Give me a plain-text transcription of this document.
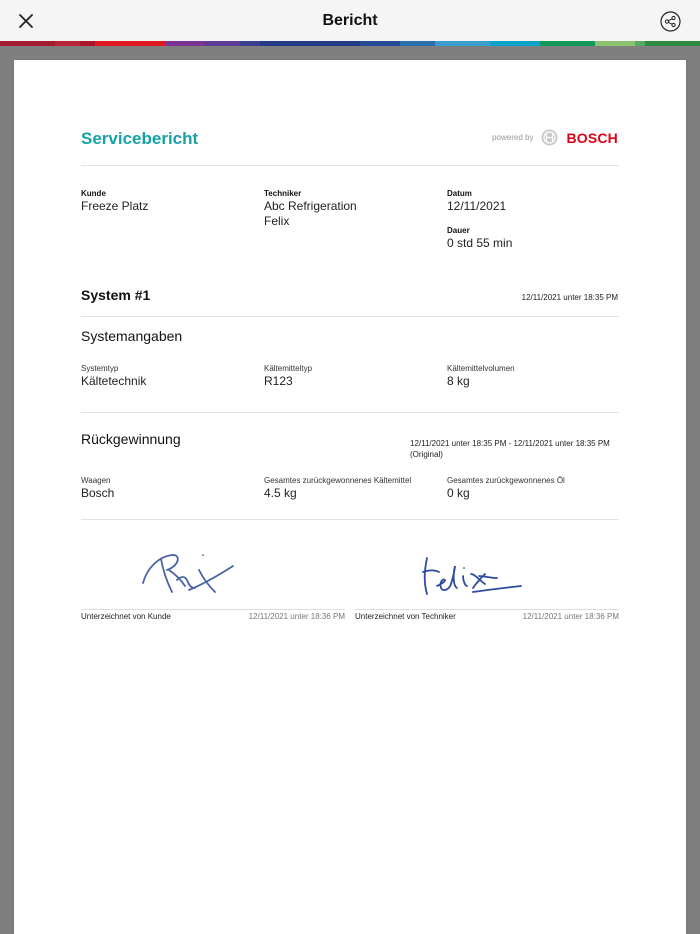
Bericht
Servicebericht	powered by BOSCH
Kunde
Freeze Platz
Techniker
Abc Refrigeration
Felix
Datum
12/11/2021
Dauer
0 std 55 min
System #1	12/11/2021 unter 18:35 PM
Systemangaben
Systemtyp
Kältetechnik
Kältemitteltyp
R123
Kältemittelvolumen
8 kg
Rückgewinnung	12/11/2021 unter 18:35 PM - 12/11/2021 unter 18:35 PM (Original)
Waagen
Bosch
Gesamtes zurückgewonnenes Kältemittel
4.5 kg
Gesamtes zurückgewonnenes Öl
0 kg
Unterzeichnet von Kunde	12/11/2021 unter 18:36 PM Unterzeichnet von Techniker	12/11/2021 unter 18:36 PM
